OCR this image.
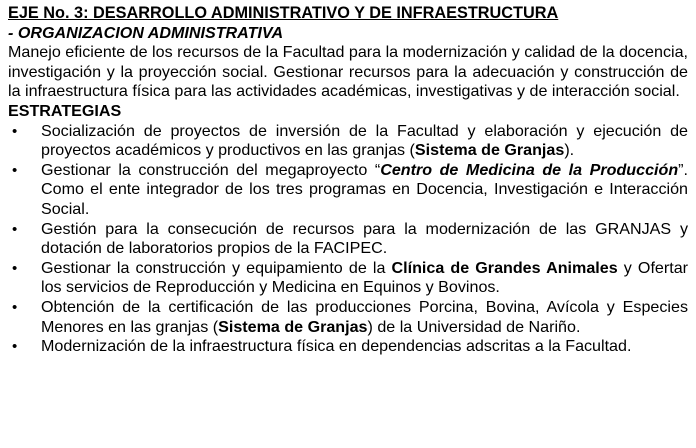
EJE No. 3: DESARROLLO ADMINISTRATIVO Y DE INFRAESTRUCTURA

- ORGANIZACION ADMINISTRATIVA

Manejo eficiente de los recursos de la Facultad para la modernización y calidad de la docencia, investigación y la proyección social. Gestionar recursos para la adecuación y construcción de la infraestructura física para las actividades académicas, investigativas y de interacción social.

ESTRATEGIAS

• Socialización de proyectos de inversión de la Facultad y elaboración y ejecución de proyectos académicos y productivos en las granjas (Sistema de Granjas).
• Gestionar la construcción del megaproyecto “Centro de Medicina de la Producción”. Como el ente integrador de los tres programas en Docencia, Investigación e Interacción Social.
• Gestión para la consecución de recursos para la modernización de las GRANJAS y dotación de laboratorios propios de la FACIPEC.
• Gestionar la construcción y equipamiento de la Clínica de Grandes Animales y Ofertar los servicios de Reproducción y Medicina en Equinos y Bovinos.
• Obtención de la certificación de las producciones Porcina, Bovina, Avícola y Especies Menores en las granjas (Sistema de Granjas) de la Universidad de Nariño.
• Modernización de la infraestructura física en dependencias adscritas a la Facultad.
